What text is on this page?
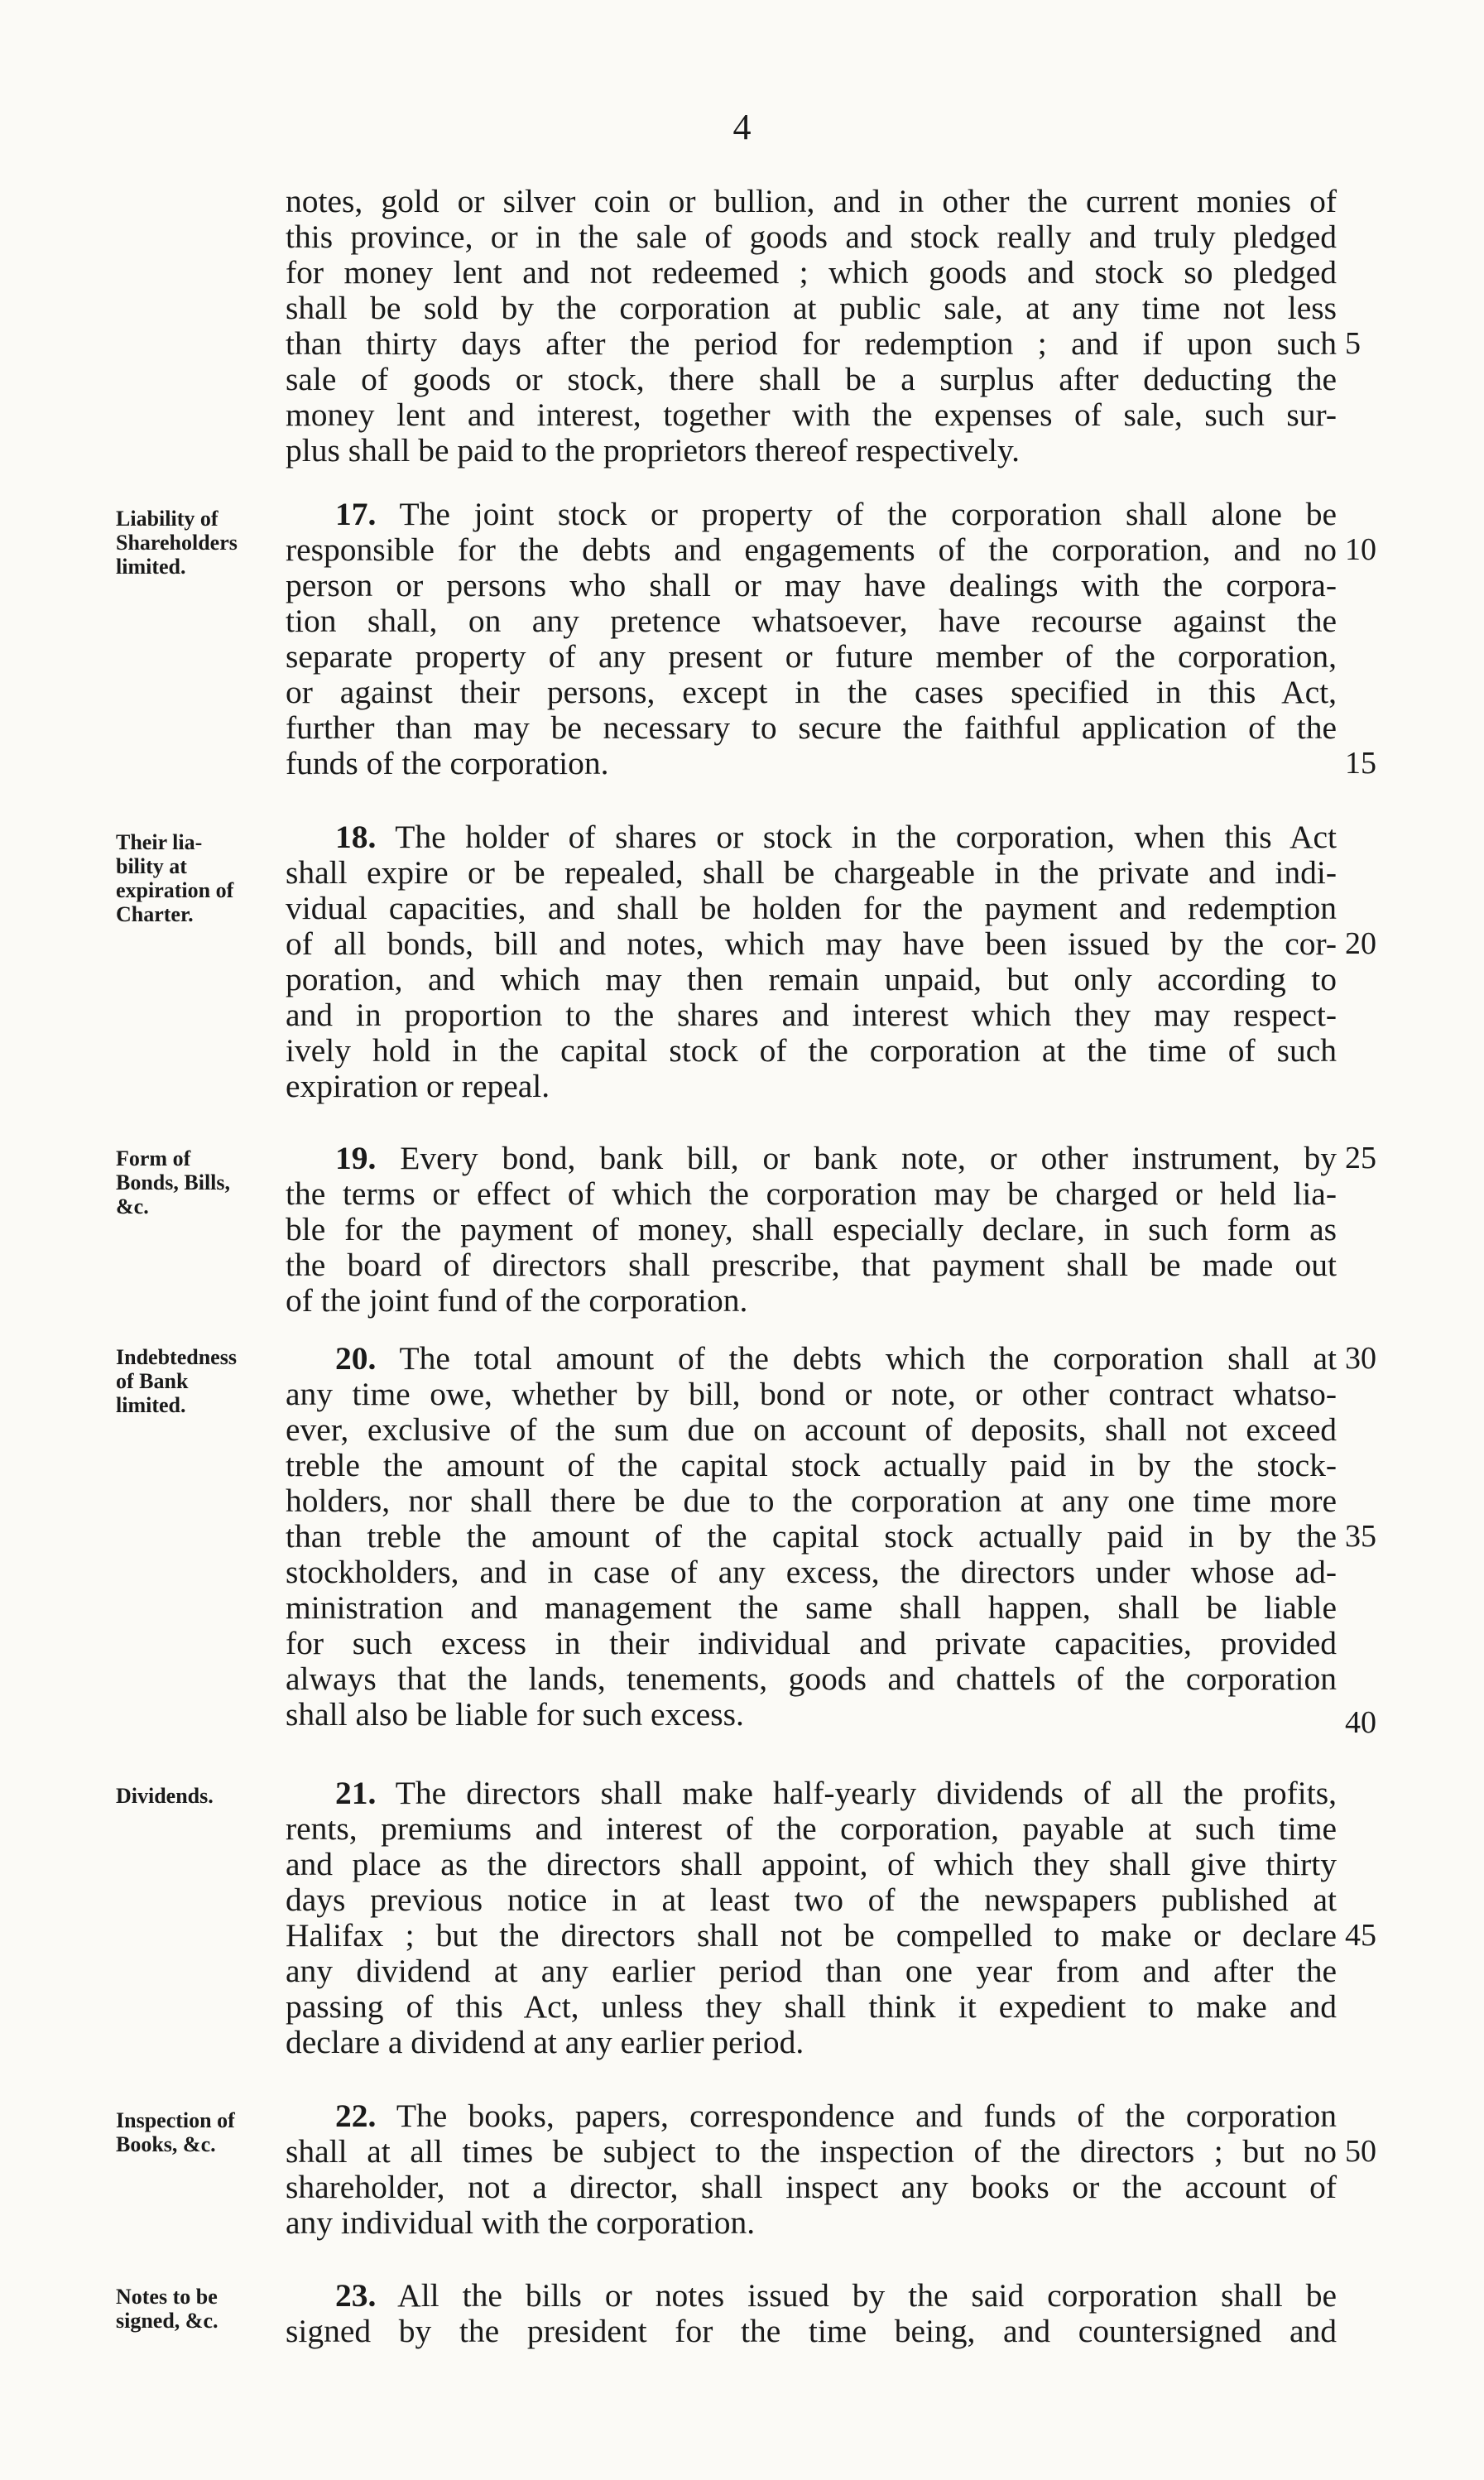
4
notes, gold or silver coin or bullion, and in other the current monies of
this province, or in the sale of goods and stock really and truly pledged
for money lent and not redeemed ; which goods and stock so pledged
shall be sold by the corporation at public sale, at any time not less
than thirty days after the period for redemption ; and if upon such
sale of goods or stock, there shall be a surplus after deducting the
money lent and interest, together with the expenses of sale, such sur-
plus shall be paid to the proprietors thereof respectively.
Liability of
Shareholders
limited.
17. The joint stock or property of the corporation shall alone be
responsible for the debts and engagements of the corporation, and no
person or persons who shall or may have dealings with the corpora-
tion shall, on any pretence whatsoever, have recourse against the
separate property of any present or future member of the corporation,
or against their persons, except in the cases specified in this Act,
further than may be necessary to secure the faithful application of the
funds of the corporation.
Their lia-
bility at
expiration of
Charter.
18. The holder of shares or stock in the corporation, when this Act
shall expire or be repealed, shall be chargeable in the private and indi-
vidual capacities, and shall be holden for the payment and redemption
of all bonds, bill and notes, which may have been issued by the cor-
poration, and which may then remain unpaid, but only according to
and in proportion to the shares and interest which they may respect-
ively hold in the capital stock of the corporation at the time of such
expiration or repeal.
Form of
Bonds, Bills,
&c.
19. Every bond, bank bill, or bank note, or other instrument, by
the terms or effect of which the corporation may be charged or held lia-
ble for the payment of money, shall especially declare, in such form as
the board of directors shall prescribe, that payment shall be made out
of the joint fund of the corporation.
Indebtedness
of Bank
limited.
20. The total amount of the debts which the corporation shall at
any time owe, whether by bill, bond or note, or other contract whatso-
ever, exclusive of the sum due on account of deposits, shall not exceed
treble the amount of the capital stock actually paid in by the stock-
holders, nor shall there be due to the corporation at any one time more
than treble the amount of the capital stock actually paid in by the
stockholders, and in case of any excess, the directors under whose ad-
ministration and management the same shall happen, shall be liable
for such excess in their individual and private capacities, provided
always that the lands, tenements, goods and chattels of the corporation
shall also be liable for such excess.
Dividends.	21. The directors shall make half-yearly dividends of all the profits,
rents, premiums and interest of the corporation, payable at such time
and place as the directors shall appoint, of which they shall give thirty
days previous notice in at least two of the newspapers published at
Halifax ; but the directors shall not be compelled to make or declare
any dividend at any earlier period than one year from and after the
passing of this Act, unless they shall think it expedient to make and
declare a dividend at any earlier period.
Inspection of
Books, &c.
22. The books, papers, correspondence and funds of the corporation
shall at all times be subject to the inspection of the directors ; but no
shareholder, not a director, shall inspect any books or the account of
any individual with the corporation.
Notes to be
signed, &c.
23. All the bills or notes issued by the said corporation shall be
signed by the president for the time being, and countersigned and
5
10
15
20
25
30
35
40
45
50
